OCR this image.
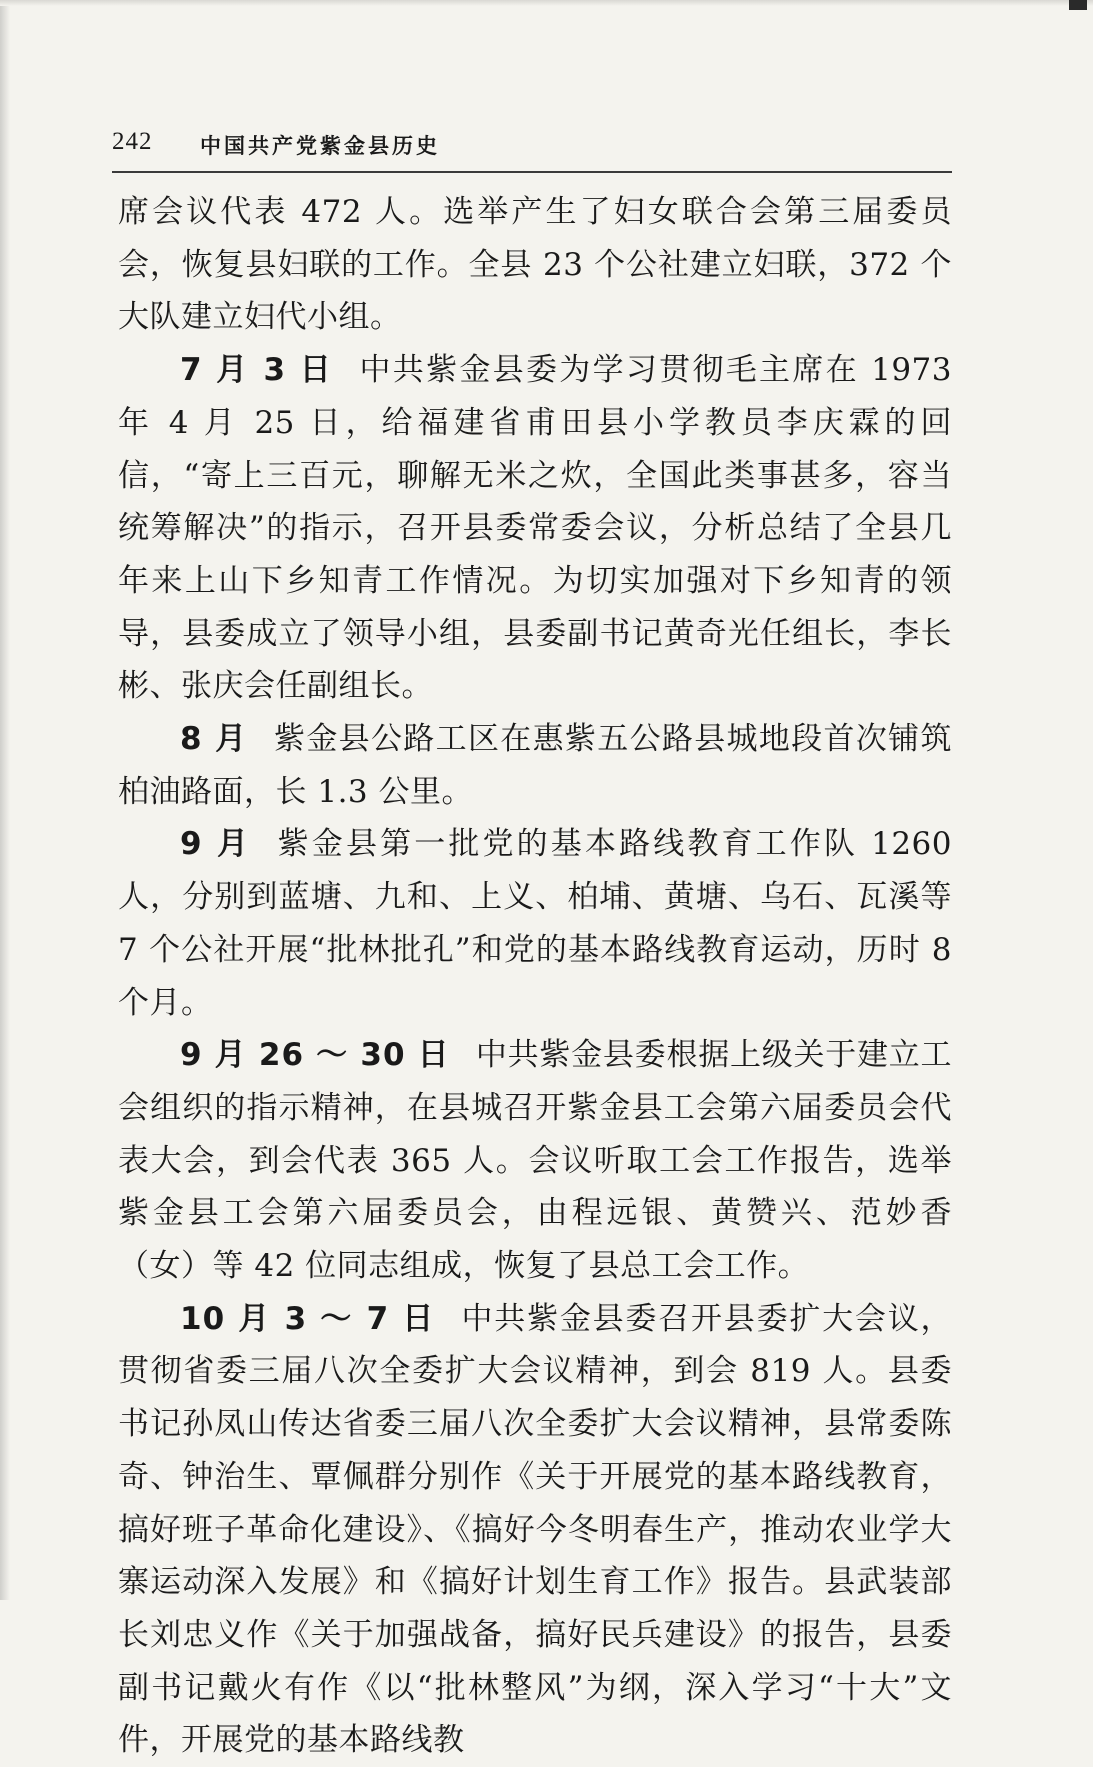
242 中国共产党紫金县历史

席会议代表 472 人。选举产生了妇女联合会第三届委员会，恢复县妇联的工作。全县 23 个公社建立妇联，372 个大队建立妇代小组。

7 月 3 日 中共紫金县委为学习贯彻毛主席在 1973 年 4 月 25 日，给福建省甫田县小学教员李庆霖的回信，“寄上三百元，聊解无米之炊，全国此类事甚多，容当统筹解决”的指示，召开县委常委会议，分析总结了全县几年来上山下乡知青工作情况。为切实加强对下乡知青的领导，县委成立了领导小组，县委副书记黄奇光任组长，李长彬、张庆会任副组长。

8 月 紫金县公路工区在惠紫五公路县城地段首次铺筑柏油路面，长 1.3 公里。

9 月 紫金县第一批党的基本路线教育工作队 1260 人，分别到蓝塘、九和、上义、柏埔、黄塘、乌石、瓦溪等 7 个公社开展“批林批孔”和党的基本路线教育运动，历时 8 个月。

9 月 26 ～ 30 日 中共紫金县委根据上级关于建立工会组织的指示精神，在县城召开紫金县工会第六届委员会代表大会，到会代表 365 人。会议听取工会工作报告，选举紫金县工会第六届委员会，由程远银、黄赞兴、范妙香（女）等 42 位同志组成，恢复了县总工会工作。

10 月 3 ～ 7 日 中共紫金县委召开县委扩大会议，贯彻省委三届八次全委扩大会议精神，到会 819 人。县委书记孙凤山传达省委三届八次全委扩大会议精神，县常委陈奇、钟治生、覃佩群分别作《关于开展党的基本路线教育，搞好班子革命化建设》、《搞好今冬明春生产，推动农业学大寨运动深入发展》和《搞好计划生育工作》报告。县武装部长刘忠义作《关于加强战备，搞好民兵建设》的报告，县委副书记戴火有作《以“批林整风”为纲，深入学习“十大”文件，开展党的基本路线教
